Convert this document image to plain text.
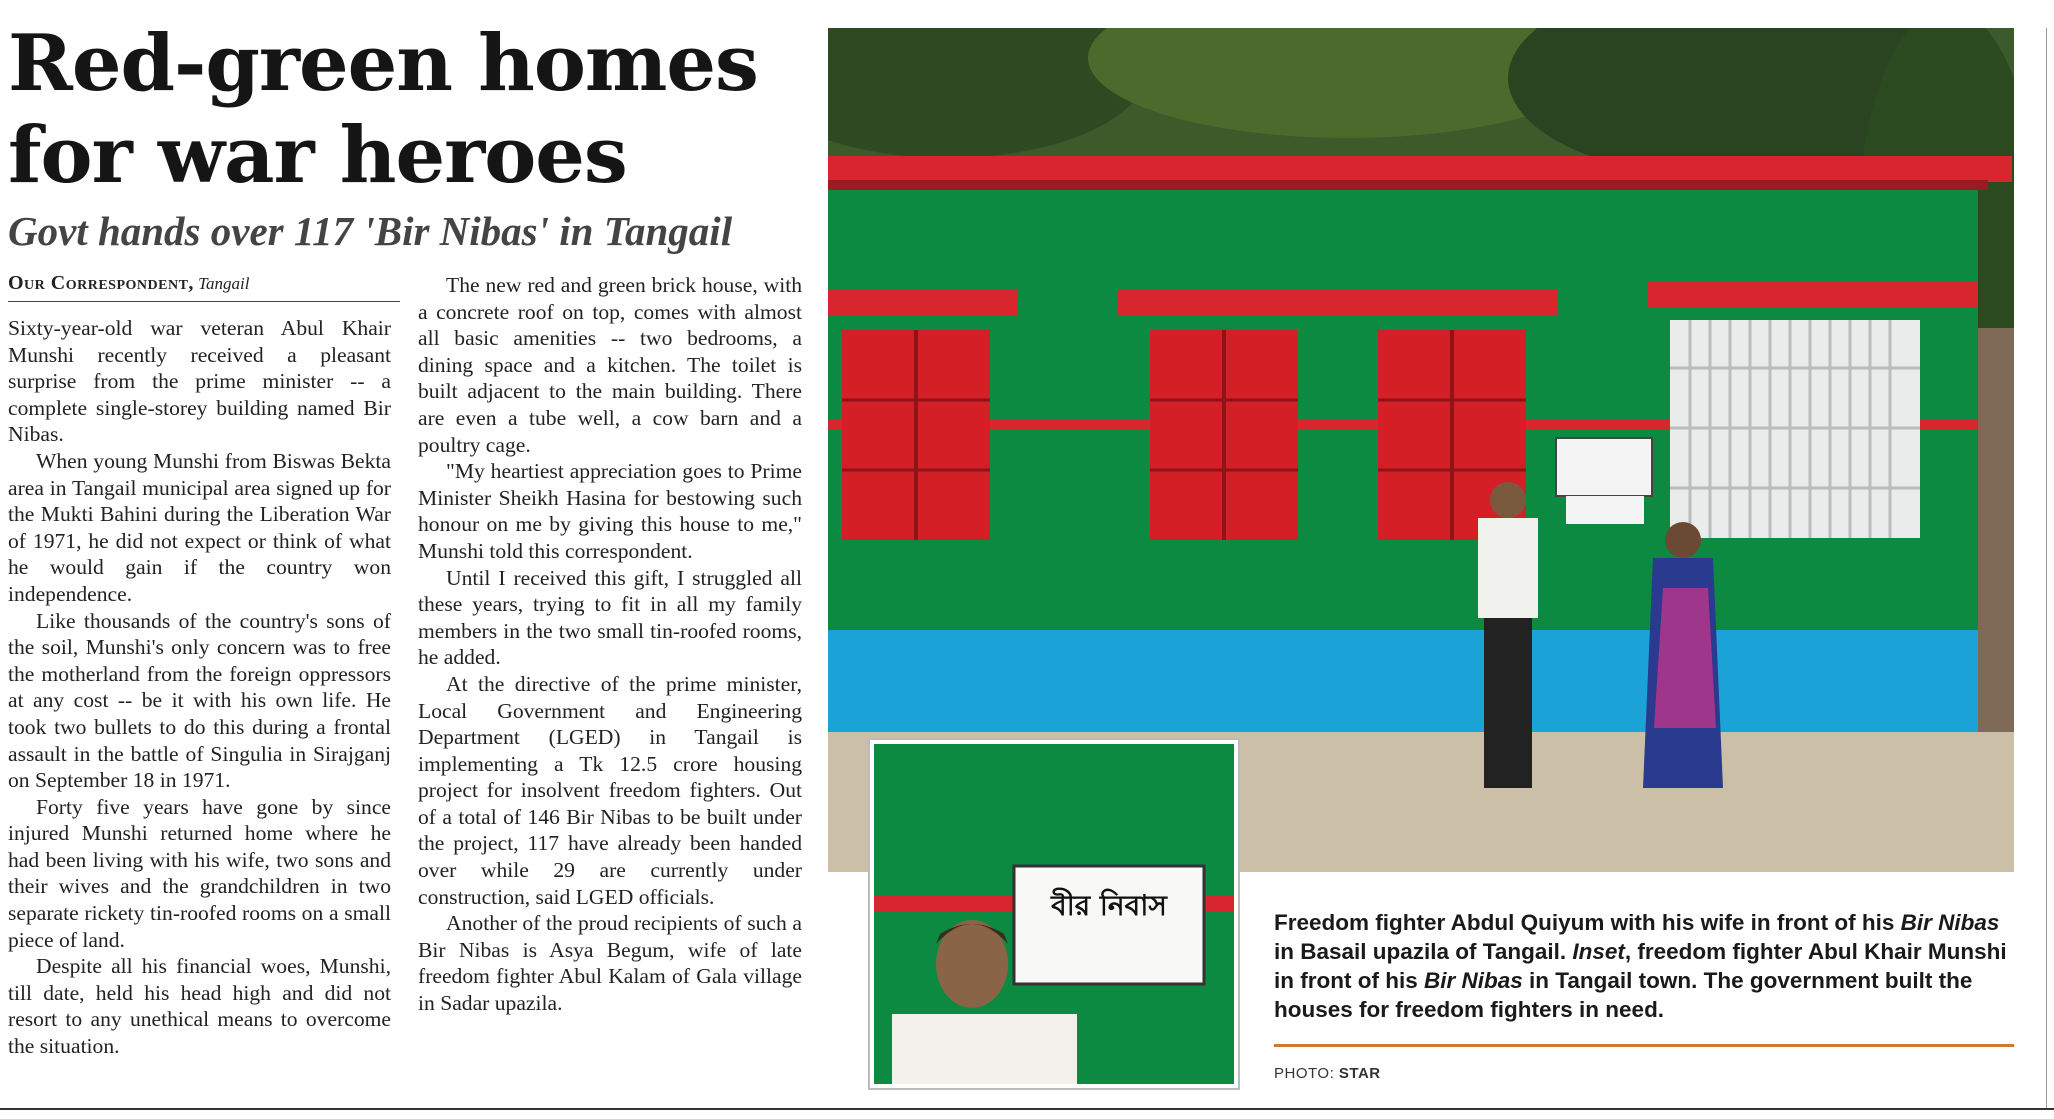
Red-green homes
for war heroes
Govt hands over 117 'Bir Nibas' in Tangail
Our Correspondent, Tangail

Sixty-year-old war veteran Abul Khair Munshi recently received a pleasant surprise from the prime minister -- a complete single-storey building named Bir Nibas.

When young Munshi from Biswas Bekta area in Tangail municipal area signed up for the Mukti Bahini during the Liberation War of 1971, he did not expect or think of what he would gain if the country won independence.

Like thousands of the country's sons of the soil, Munshi's only concern was to free the motherland from the foreign oppressors at any cost -- be it with his own life. He took two bullets to do this during a frontal assault in the battle of Singulia in Sirajganj on September 18 in 1971.

Forty five years have gone by since injured Munshi returned home where he had been living with his wife, two sons and their wives and the grandchildren in two separate rickety tin-roofed rooms on a small piece of land.

Despite all his financial woes, Munshi, till date, held his head high and did not resort to any unethical means to overcome the situation.

The new red and green brick house, with a concrete roof on top, comes with almost all basic amenities -- two bedrooms, a dining space and a kitchen. The toilet is built adjacent to the main building. There are even a tube well, a cow barn and a poultry cage.

"My heartiest appreciation goes to Prime Minister Sheikh Hasina for bestowing such honour on me by giving this house to me," Munshi told this correspondent.

Until I received this gift, I struggled all these years, trying to fit in all my family members in the two small tin-roofed rooms, he added.

At the directive of the prime minister, Local Government and Engineering Department (LGED) in Tangail is implementing a Tk 12.5 crore housing project for insolvent freedom fighters. Out of a total of 146 Bir Nibas to be built under the project, 117 have already been handed over while 29 are currently under construction, said LGED officials.

Another of the proud recipients of such a Bir Nibas is Asya Begum, wife of late freedom fighter Abul Kalam of Gala village in Sadar upazila.

বীর নিবাস
Freedom fighter Abdul Quiyum with his wife in front of his Bir Nibas in Basail upazila of Tangail. Inset, freedom fighter Abul Khair Munshi in front of his Bir Nibas in Tangail town. The government built the houses for freedom fighters in need.
PHOTO: STAR
